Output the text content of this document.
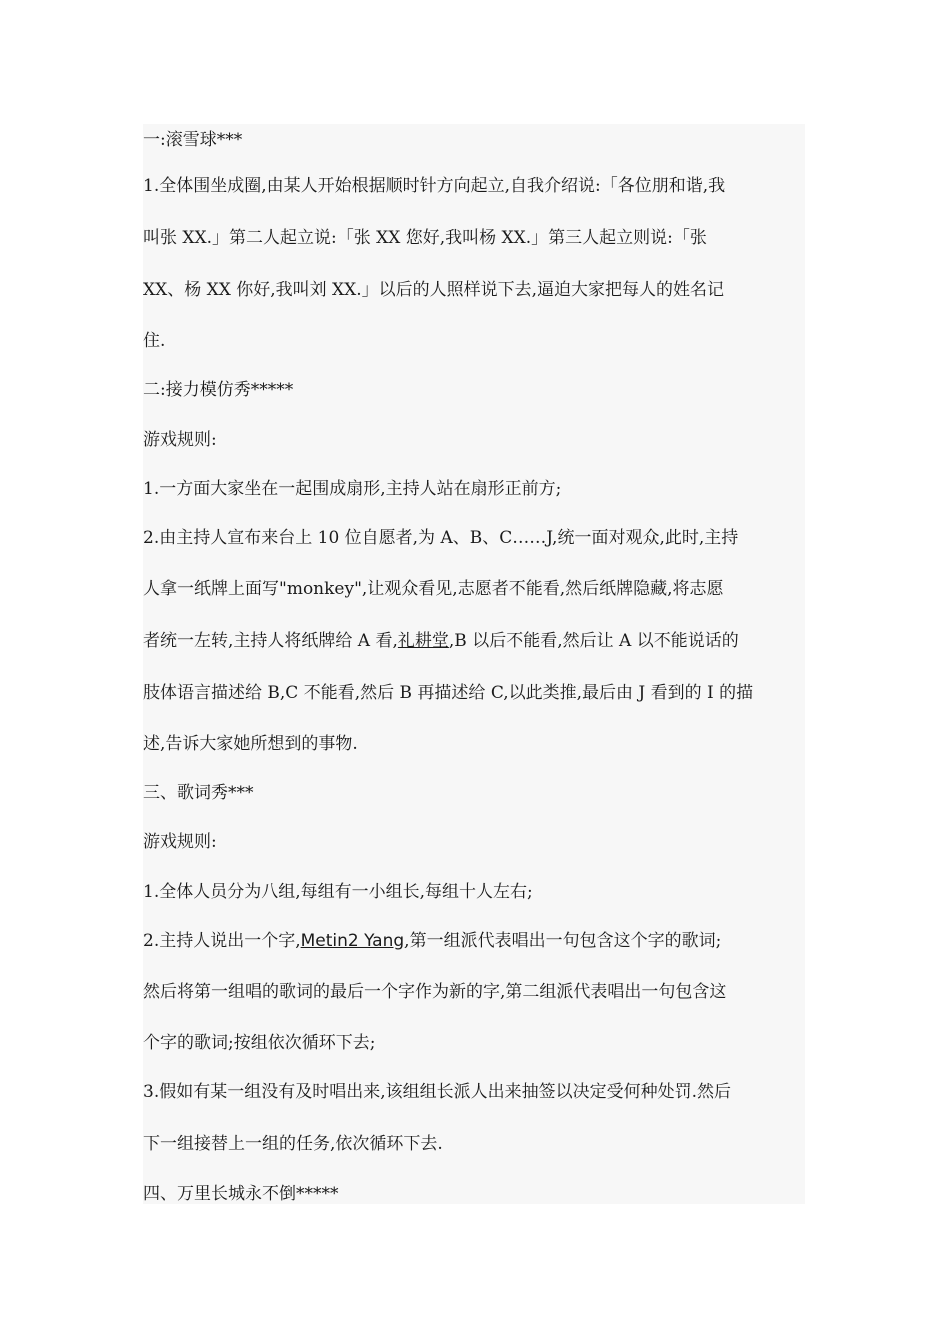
一:滚雪球***
1.全体围坐成圈,由某人开始根据顺时针方向起立,自我介绍说:「各位朋和谐,我
叫张 XX.」第二人起立说:「张 XX 您好,我叫杨 XX.」第三人起立则说:「张
XX、杨 XX 你好,我叫刘 XX.」以后的人照样说下去,逼迫大家把每人的姓名记
住.
二:接力模仿秀*****
游戏规则:
1.一方面大家坐在一起围成扇形,主持人站在扇形正前方;
2.由主持人宣布来台上 10 位自愿者,为 A、B、C……J,统一面对观众,此时,主持
人拿一纸牌上面写"monkey",让观众看见,志愿者不能看,然后纸牌隐藏,将志愿
者统一左转,主持人将纸牌给 A 看,礼耕堂,B 以后不能看,然后让 A 以不能说话的
肢体语言描述给 B,C 不能看,然后 B 再描述给 C,以此类推,最后由 J 看到的 I 的描
述,告诉大家她所想到的事物.
三、歌词秀***
游戏规则:
1.全体人员分为八组,每组有一小组长,每组十人左右;
2.主持人说出一个字,Metin2 Yang,第一组派代表唱出一句包含这个字的歌词;
然后将第一组唱的歌词的最后一个字作为新的字,第二组派代表唱出一句包含这
个字的歌词;按组依次循环下去;
3.假如有某一组没有及时唱出来,该组组长派人出来抽签以决定受何种处罚.然后
下一组接替上一组的任务,依次循环下去.
四、万里长城永不倒*****
